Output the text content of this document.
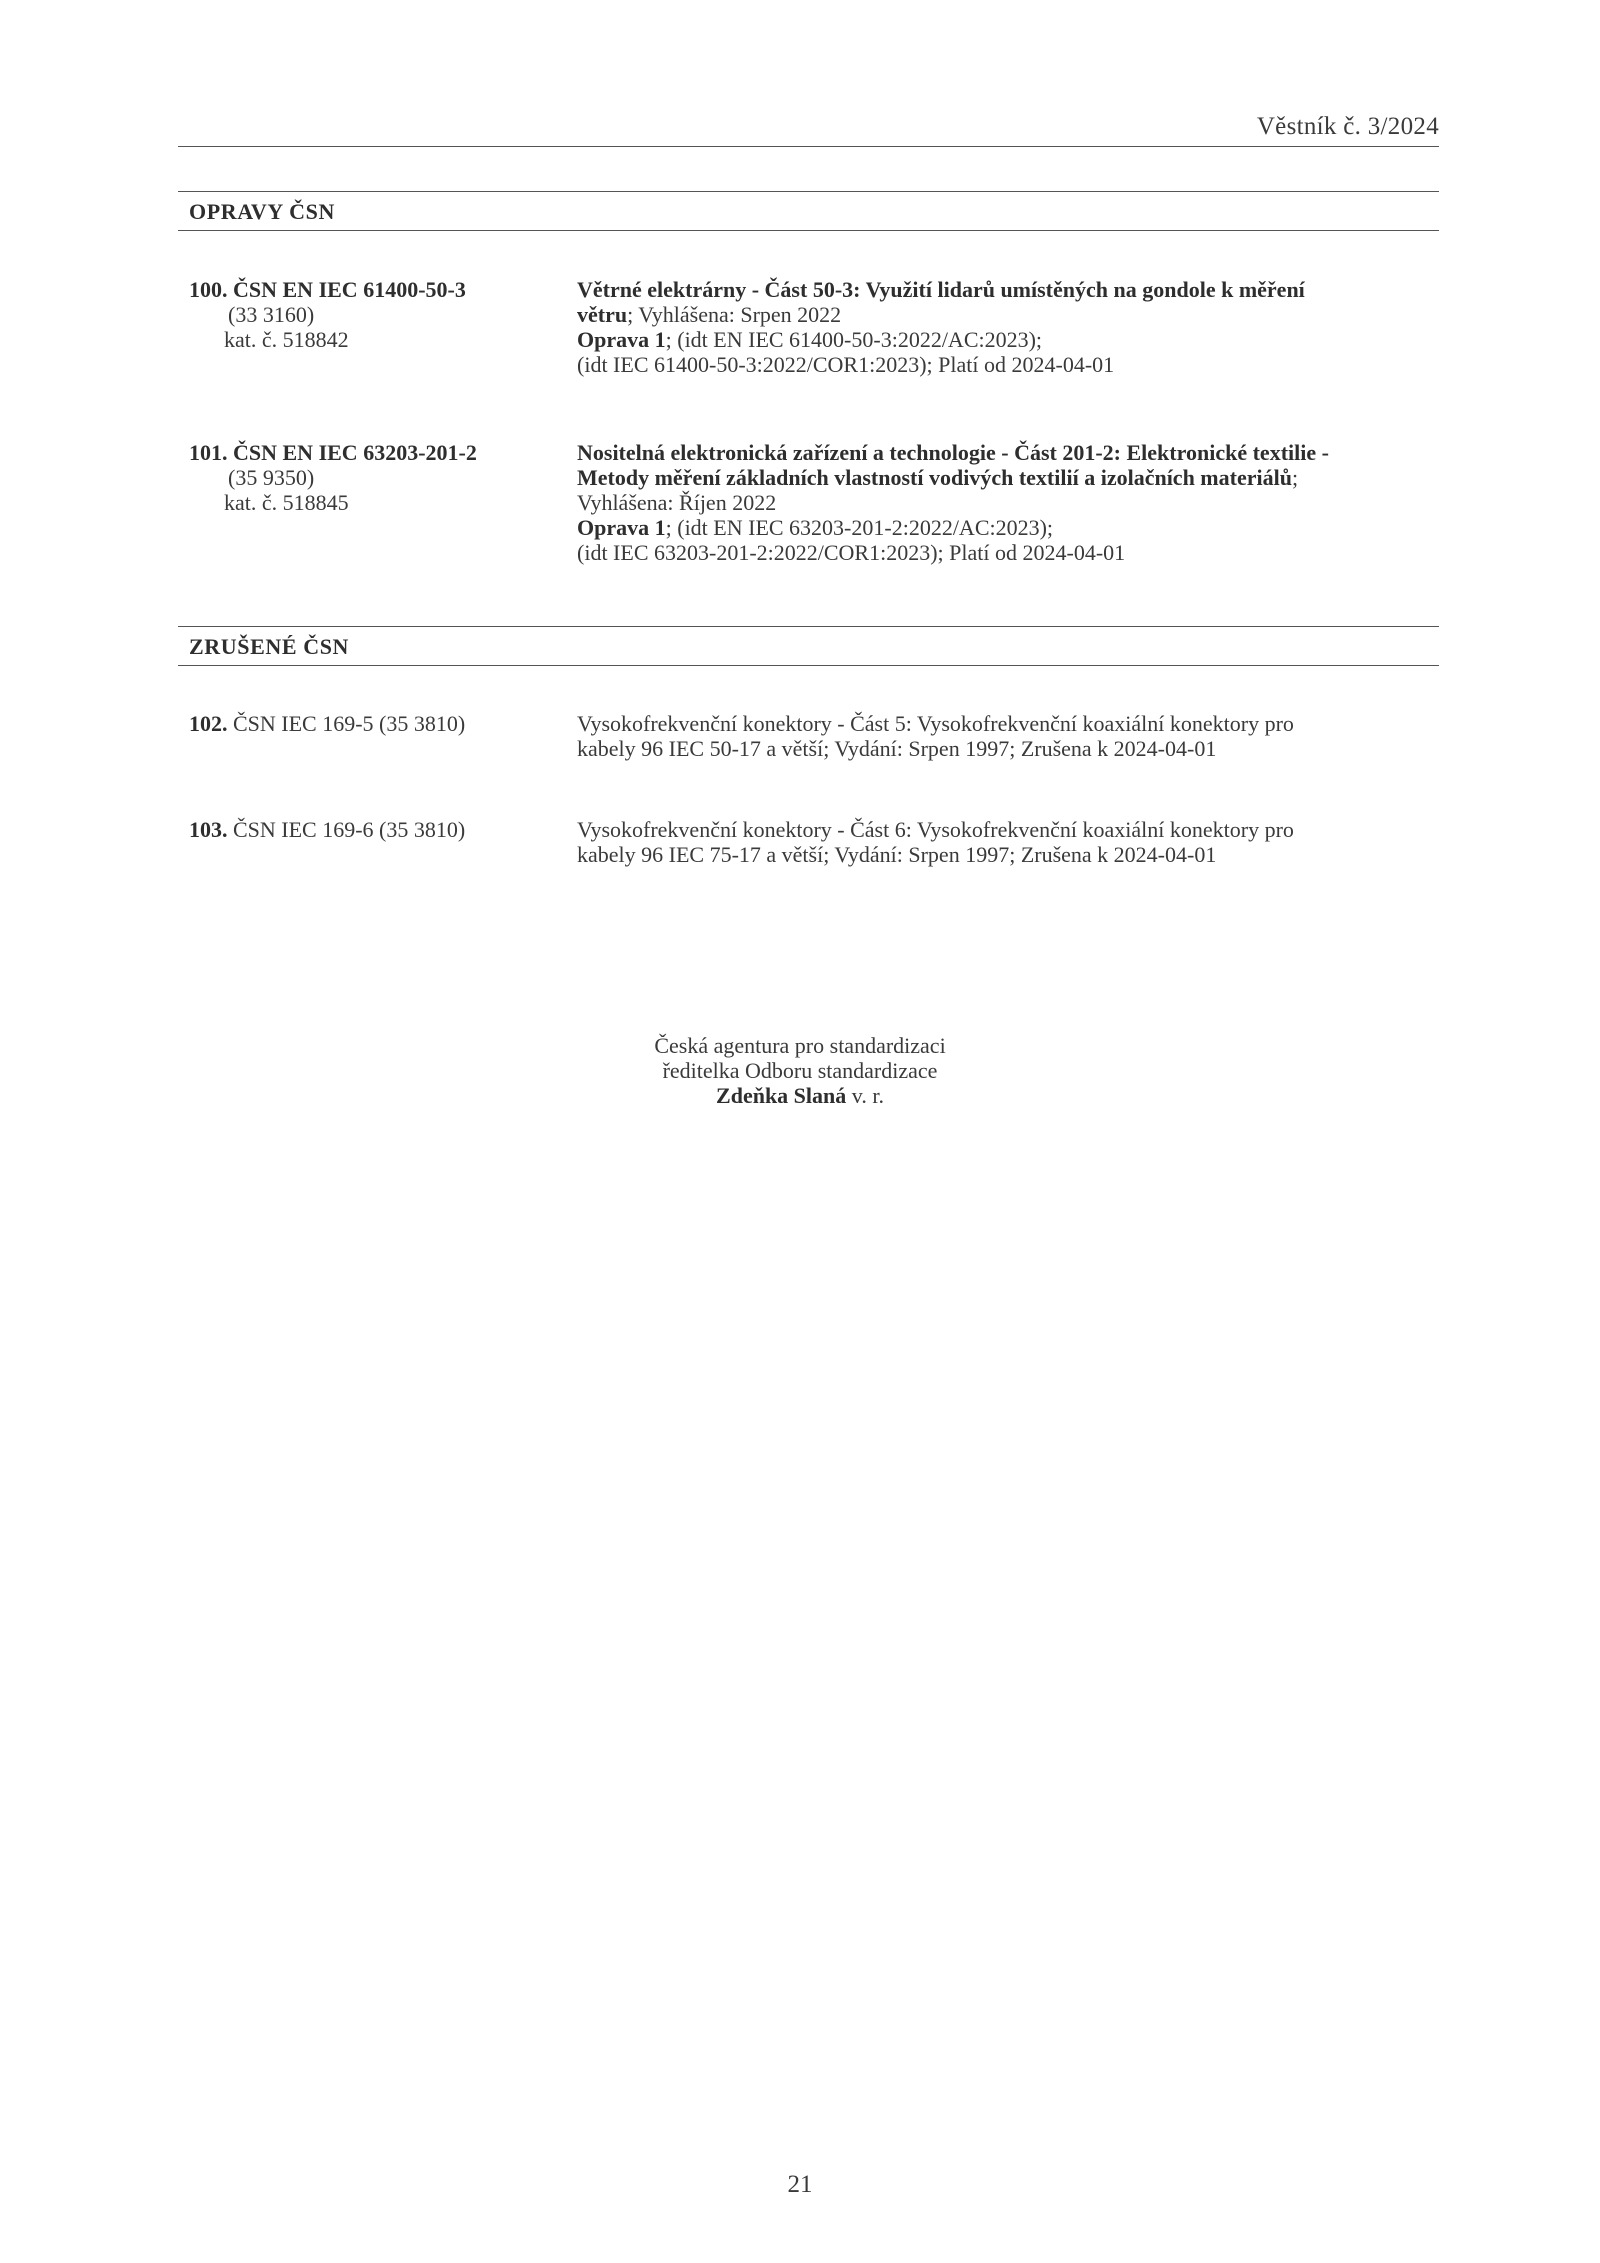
Věstník č. 3/2024
OPRAVY ČSN
100. ČSN EN IEC 61400-50-3
(33 3160)
kat. č. 518842
Větrné elektrárny - Část 50-3: Využití lidarů umístěných na gondole k měření
větru; Vyhlášena: Srpen 2022
Oprava 1; (idt EN IEC 61400-50-3:2022/AC:2023);
(idt IEC 61400-50-3:2022/COR1:2023); Platí od 2024-04-01
101. ČSN EN IEC 63203-201-2
(35 9350)
kat. č. 518845
Nositelná elektronická zařízení a technologie - Část 201-2: Elektronické textilie -
Metody měření základních vlastností vodivých textilií a izolačních materiálů;
Vyhlášena: Říjen 2022
Oprava 1; (idt EN IEC 63203-201-2:2022/AC:2023);
(idt IEC 63203-201-2:2022/COR1:2023); Platí od 2024-04-01
ZRUŠENÉ ČSN
102. ČSN IEC 169-5 (35 3810)	Vysokofrekvenční konektory - Část 5: Vysokofrekvenční koaxiální konektory pro
kabely 96 IEC 50-17 a větší; Vydání: Srpen 1997; Zrušena k 2024-04-01
103. ČSN IEC 169-6 (35 3810)	Vysokofrekvenční konektory - Část 6: Vysokofrekvenční koaxiální konektory pro
kabely 96 IEC 75-17 a větší; Vydání: Srpen 1997; Zrušena k 2024-04-01
Česká agentura pro standardizaci
ředitelka Odboru standardizace
Zdeňka Slaná v. r.
21
